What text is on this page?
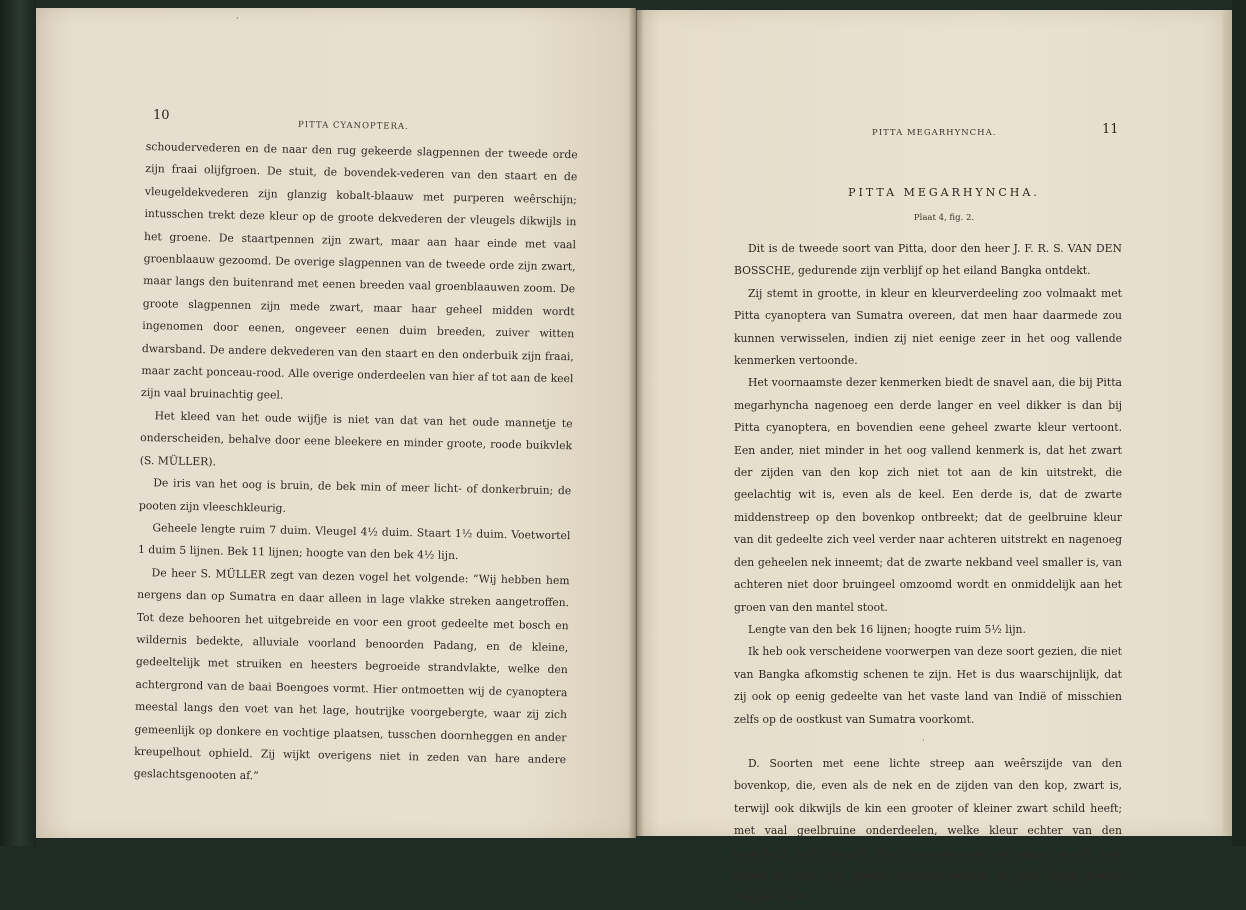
10
PITTA CYANOPTERA.
·

schoudervederen en de naar den rug gekeerde slagpennen der tweede orde zijn fraai olijfgroen. De stuit, de bovendek-vederen van den staart en de vleugeldekvederen zijn glanzig kobalt-blaauw met purperen weêrschijn; intusschen trekt deze kleur op de groote dekvederen der vleugels dikwijls in het groene. De staartpennen zijn zwart, maar aan haar einde met vaal groenblaauw gezoomd. De overige slagpennen van de tweede orde zijn zwart, maar langs den buitenrand met eenen breeden vaal groenblaauwen zoom. De groote slagpennen zijn mede zwart, maar haar geheel midden wordt ingenomen door eenen, ongeveer eenen duim breeden, zuiver witten dwarsband. De andere dekvederen van den staart en den onderbuik zijn fraai, maar zacht ponceau-rood. Alle overige onderdeelen van hier af tot aan de keel zijn vaal bruinachtig geel.

Het kleed van het oude wijfje is niet van dat van het oude mannetje te onderscheiden, behalve door eene bleekere en minder groote, roode buikvlek (S. MÜLLER).

De iris van het oog is bruin, de bek min of meer licht- of donkerbruin; de pooten zijn vleeschkleurig.

Geheele lengte ruim 7 duim. Vleugel 4½ duim. Staart 1½ duim. Voetwortel 1 duim 5 lijnen. Bek 11 lijnen; hoogte van den bek 4½ lijn.

De heer S. MÜLLER zegt van dezen vogel het volgende: “Wij hebben hem nergens dan op Sumatra en daar alleen in lage vlakke streken aangetroffen. Tot deze behooren het uitgebreide en voor een groot gedeelte met bosch en wildernis bedekte, alluviale voorland benoorden Padang, en de kleine, gedeeltelijk met struiken en heesters begroeide strandvlakte, welke den achtergrond van de baai Boengoes vormt. Hier ontmoetten wij de cyanoptera meestal langs den voet van het lage, houtrijke voorgebergte, waar zij zich gemeenlijk op donkere en vochtige plaatsen, tusschen doornheggen en ander kreupelhout ophield. Zij wijkt overigens niet in zeden van hare andere geslachtsgenooten af.”

PITTA MEGARHYNCHA.	11
PITTA MEGARHYNCHA.
Plaat 4, fig. 2.

Dit is de tweede soort van Pitta, door den heer J. F. R. S. VAN DEN BOSSCHE, gedurende zijn verblijf op het eiland Bangka ontdekt.

Zij stemt in grootte, in kleur en kleurverdeeling zoo volmaakt met Pitta cyanoptera van Sumatra overeen, dat men haar daarmede zou kunnen verwisselen, indien zij niet eenige zeer in het oog vallende kenmerken vertoonde.

Het voornaamste dezer kenmerken biedt de snavel aan, die bij Pitta megarhyncha nagenoeg een derde langer en veel dikker is dan bij Pitta cyanoptera, en bovendien eene geheel zwarte kleur vertoont. Een ander, niet minder in het oog vallend kenmerk is, dat het zwart der zijden van den kop zich niet tot aan de kin uitstrekt, die geelachtig wit is, even als de keel. Een derde is, dat de zwarte middenstreep op den bovenkop ontbreekt; dat de geelbruine kleur van dit gedeelte zich veel verder naar achteren uitstrekt en nagenoeg den geheelen nek inneemt; dat de zwarte nekband veel smaller is, van achteren niet door bruingeel omzoomd wordt en onmiddelijk aan het groen van den mantel stoot.

Lengte van den bek 16 lijnen; hoogte ruim 5½ lijn.

Ik heb ook verscheidene voorwerpen van deze soort gezien, die niet van Bangka afkomstig schenen te zijn. Het is dus waarschijnlijk, dat zij ook op eenig gedeelte van het vaste land van Indië of misschien zelfs op de oostkust van Sumatra voorkomt.

D. Soorten met eene lichte streep aan weêrszijde van den bovenkop, die, even als de nek en de zijden van den kop, zwart is, terwijl ook dikwijls de kin een grooter of kleiner zwart schild heeft; met vaal geelbruine onderdeelen, welke kleur echter van den onderbuik achterwaarts door ponceau-rood vervangen wordt; met eenen groenen rug, groene schoudervederen en gedeeltelijk groene vleugels; met

·
